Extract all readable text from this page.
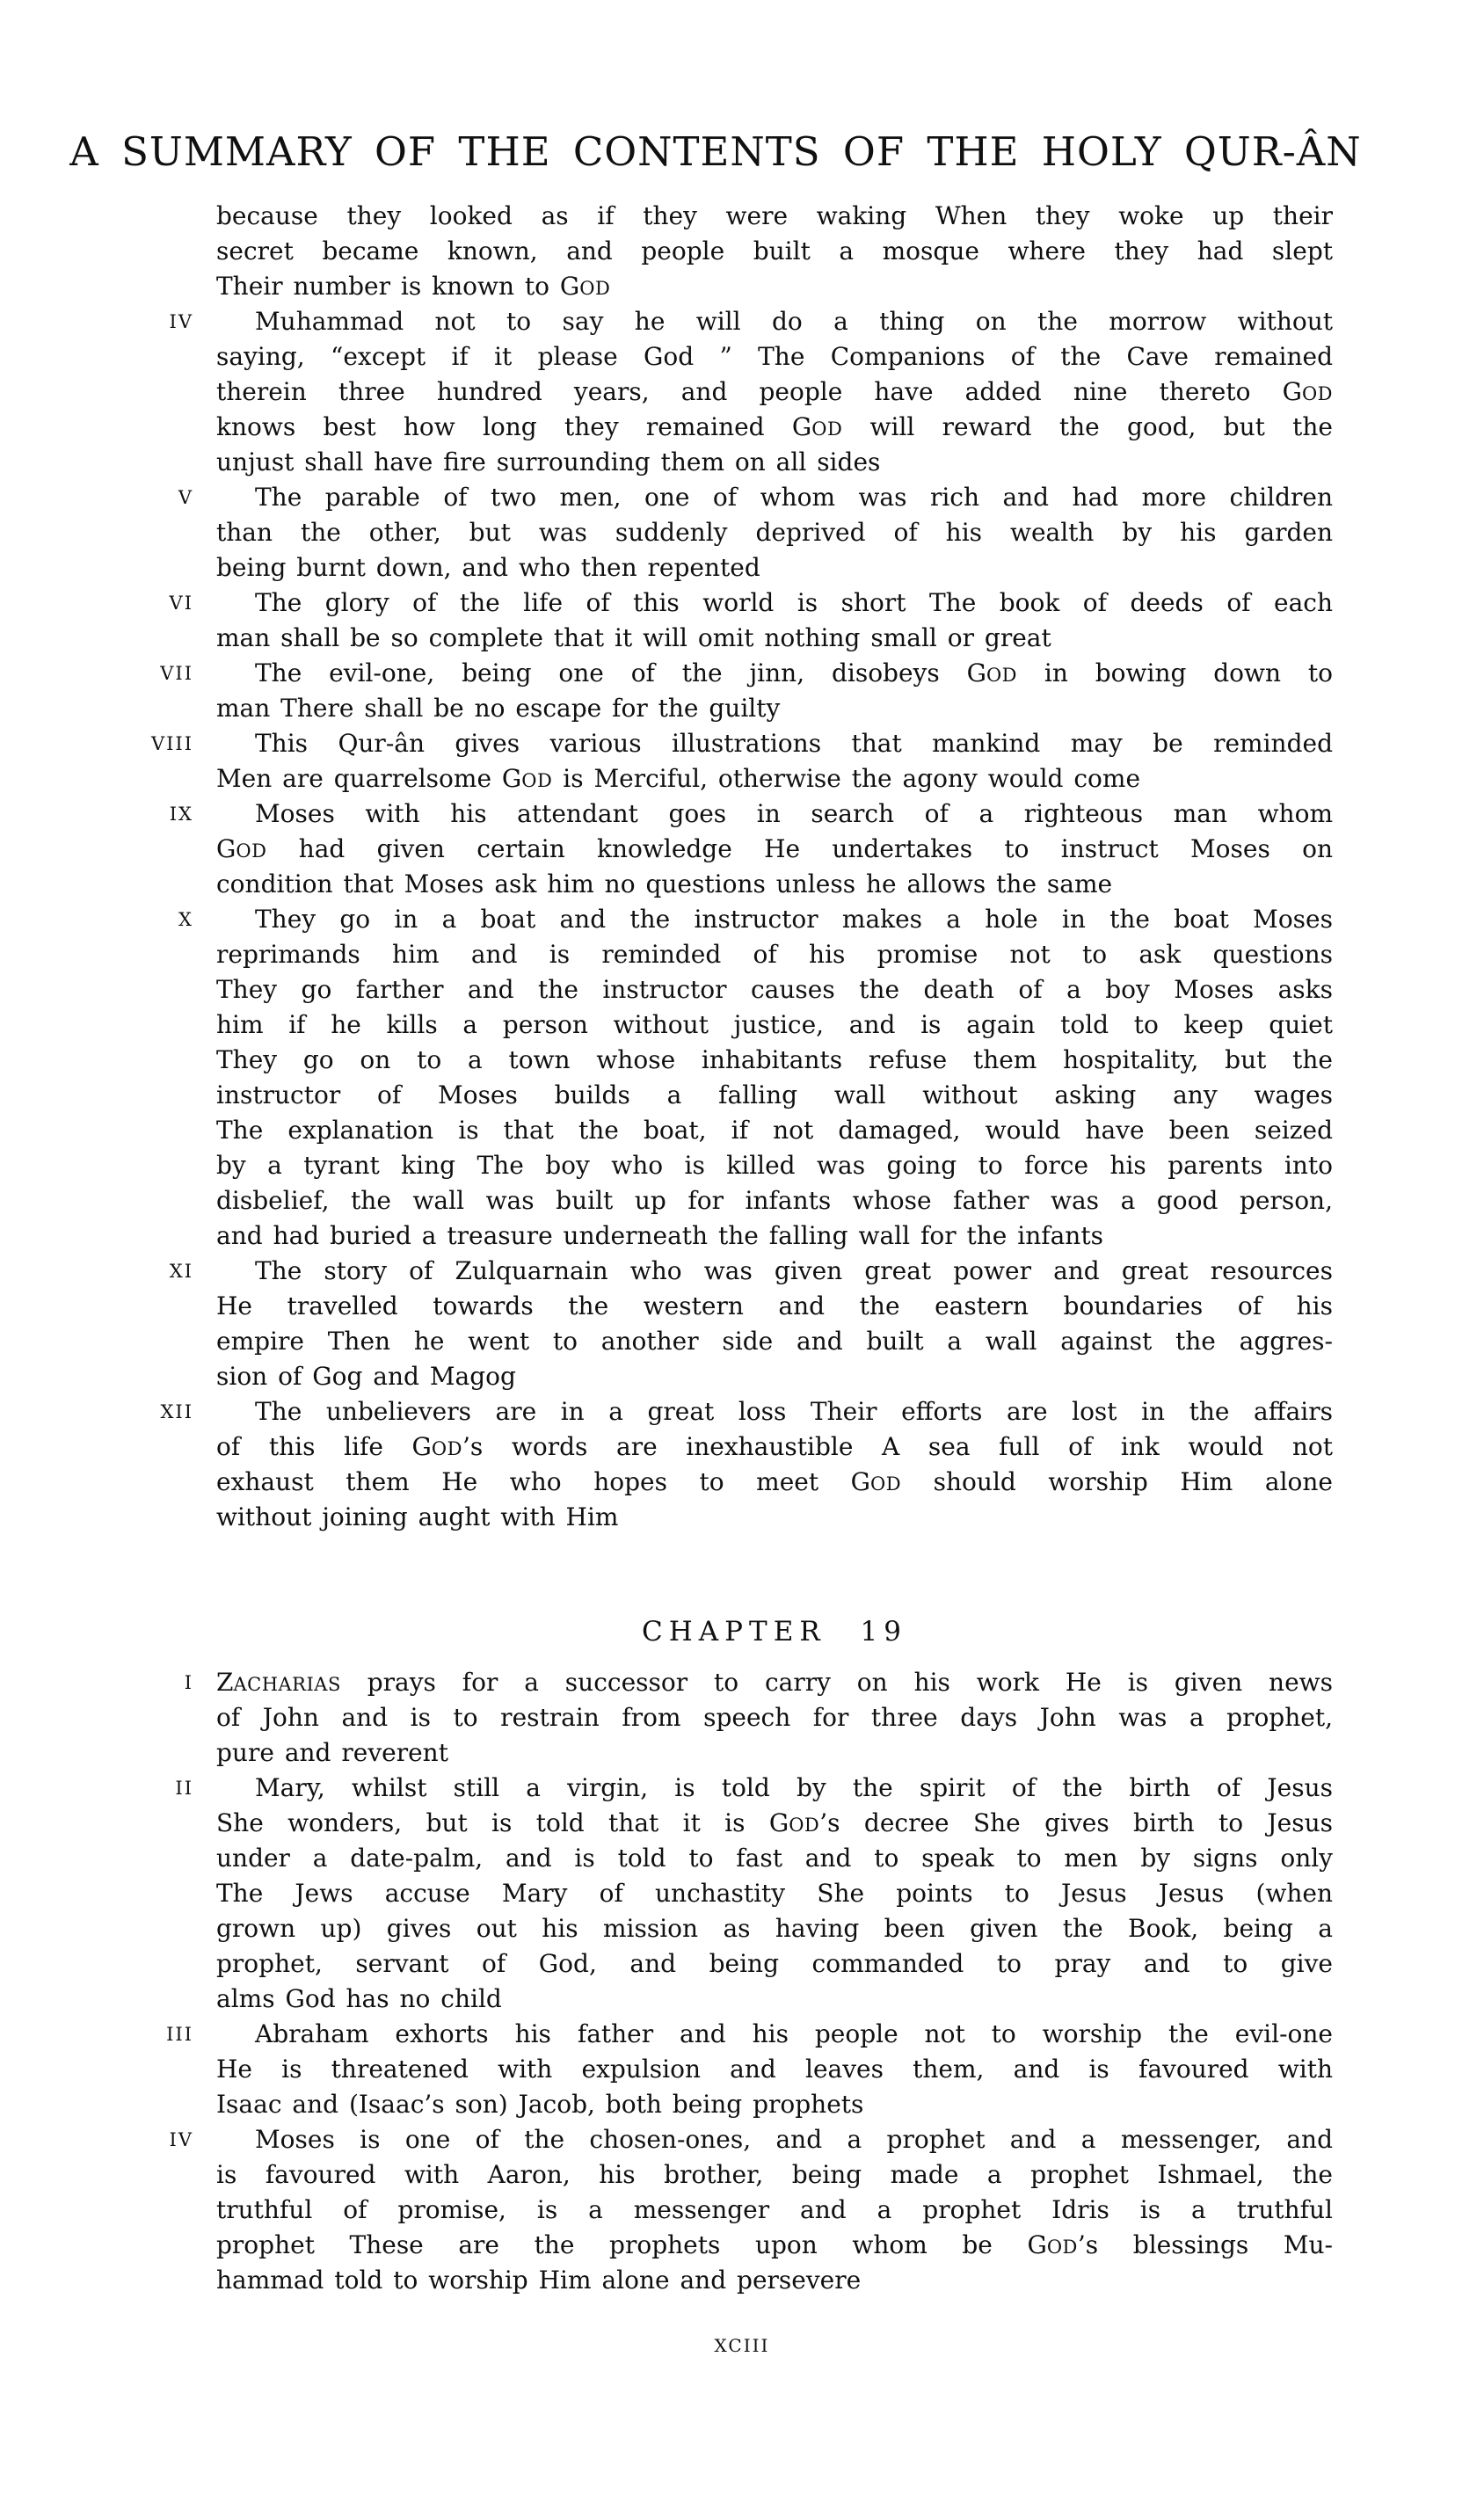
A SUMMARY OF THE CONTENTS OF THE HOLY QUR-ÂN
because they looked as if they were waking When they woke up their
secret became known, and people built a mosque where they had slept
Their number is known to GOD
IV	Muhammad not to say he will do a thing on the morrow without
saying, “except if it please God ” The Companions of the Cave remained
therein three hundred years, and people have added nine thereto GOD
knows best how long they remained GOD will reward the good, but the
unjust shall have fire surrounding them on all sides
V	The parable of two men, one of whom was rich and had more children
than the other, but was suddenly deprived of his wealth by his garden
being burnt down, and who then repented
VI	The glory of the life of this world is short The book of deeds of each
man shall be so complete that it will omit nothing small or great
VII	The evil-one, being one of the jinn, disobeys GOD in bowing down to
man There shall be no escape for the guilty
VIII	This Qur-ân gives various illustrations that mankind may be reminded
Men are quarrelsome GOD is Merciful, otherwise the agony would come
IX	Moses with his attendant goes in search of a righteous man whom
GOD had given certain knowledge He undertakes to instruct Moses on
condition that Moses ask him no questions unless he allows the same
X	They go in a boat and the instructor makes a hole in the boat Moses
reprimands him and is reminded of his promise not to ask questions
They go farther and the instructor causes the death of a boy Moses asks
him if he kills a person without justice, and is again told to keep quiet
They go on to a town whose inhabitants refuse them hospitality, but the
instructor of Moses builds a falling wall without asking any wages
The explanation is that the boat, if not damaged, would have been seized
by a tyrant king The boy who is killed was going to force his parents into
disbelief, the wall was built up for infants whose father was a good person,
and had buried a treasure underneath the falling wall for the infants
XI	The story of Zulquarnain who was given great power and great resources
He travelled towards the western and the eastern boundaries of his
empire Then he went to another side and built a wall against the aggres-
sion of Gog and Magog
XII	The unbelievers are in a great loss Their efforts are lost in the affairs
of this life GOD’s words are inexhaustible A sea full of ink would not
exhaust them He who hopes to meet GOD should worship Him alone
without joining aught with Him
CHAPTER 19
I ZACHARIAS prays for a successor to carry on his work He is given news
of John and is to restrain from speech for three days John was a prophet,
pure and reverent
II	Mary, whilst still a virgin, is told by the spirit of the birth of Jesus
She wonders, but is told that it is GOD’s decree She gives birth to Jesus
under a date-palm, and is told to fast and to speak to men by signs only
The Jews accuse Mary of unchastity She points to Jesus Jesus (when
grown up) gives out his mission as having been given the Book, being a
prophet, servant of God, and being commanded to pray and to give
alms God has no child
III	Abraham exhorts his father and his people not to worship the evil-one
He is threatened with expulsion and leaves them, and is favoured with
Isaac and (Isaac’s son) Jacob, both being prophets
IV	Moses is one of the chosen-ones, and a prophet and a messenger, and
is favoured with Aaron, his brother, being made a prophet Ishmael, the
truthful of promise, is a messenger and a prophet Idris is a truthful
prophet These are the prophets upon whom be GOD’s blessings Mu-
hammad told to worship Him alone and persevere
XCIII
